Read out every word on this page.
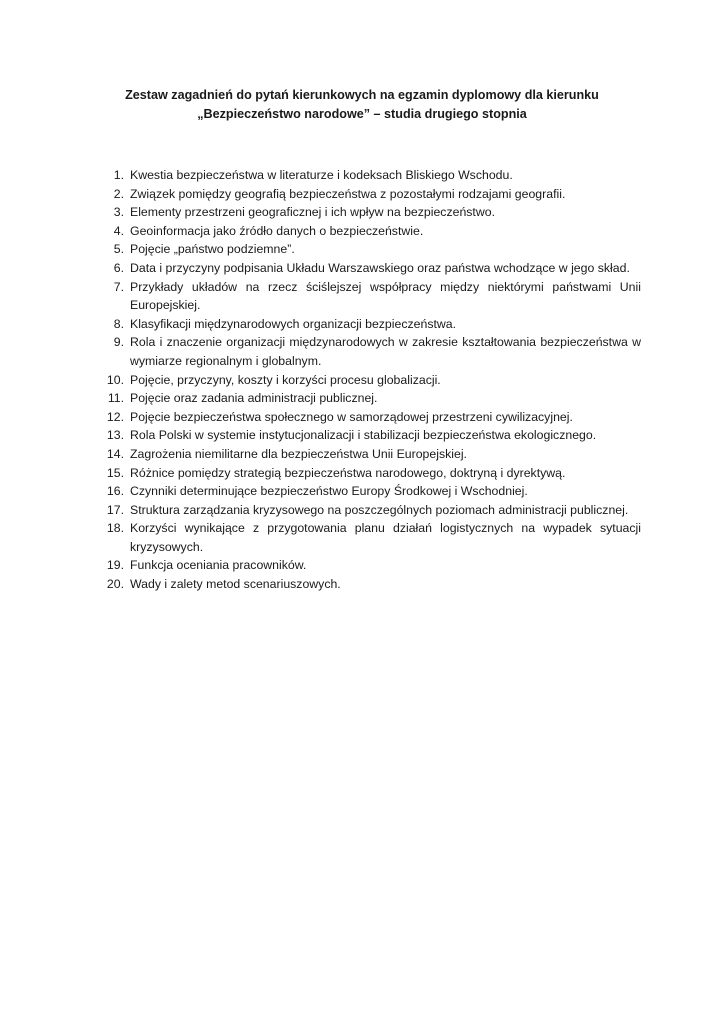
Zestaw zagadnień do pytań kierunkowych na egzamin dyplomowy dla kierunku „Bezpieczeństwo narodowe” – studia drugiego stopnia
1 . Kwestia bezpieczeństwa w literaturze i kodeksach Bliskiego Wschodu.
2 . Związek pomiędzy geografią bezpieczeństwa z pozostałymi rodzajami geografii.
3 . Elementy przestrzeni geograficznej i ich wpływ na bezpieczeństwo.
4 . Geoinformacja jako źródło danych o bezpieczeństwie.
5 . Pojęcie „państwo podziemne”.
6 . Data i przyczyny podpisania Układu Warszawskiego oraz państwa wchodzące w jego skład.
7 . Przykłady układów na rzecz ściślejszej współpracy między niektórymi państwami Unii Europejskiej.
8 . Klasyfikacji międzynarodowych organizacji bezpieczeństwa.
9 . Rola i znaczenie organizacji międzynarodowych w zakresie kształtowania bezpieczeństwa w wymiarze regionalnym i globalnym.
10 . Pojęcie, przyczyny, koszty i korzyści procesu globalizacji.
11 . Pojęcie oraz zadania administracji publicznej.
12 . Pojęcie bezpieczeństwa społecznego w samorządowej przestrzeni cywilizacyjnej.
13 . Rola Polski w systemie instytucjonalizacji i stabilizacji bezpieczeństwa ekologicznego.
14 . Zagrożenia niemilitarne dla bezpieczeństwa Unii Europejskiej.
15 . Różnice pomiędzy strategią bezpieczeństwa narodowego, doktryną i dyrektywą.
16 . Czynniki determinujące bezpieczeństwo Europy Środkowej i Wschodniej.
17 . Struktura zarządzania kryzysowego na poszczególnych poziomach administracji publicznej.
18 . Korzyści wynikające z przygotowania planu działań logistycznych na wypadek sytuacji kryzysowych.
19 . Funkcja oceniania pracowników.
20 . Wady i zalety metod scenariuszowych.
